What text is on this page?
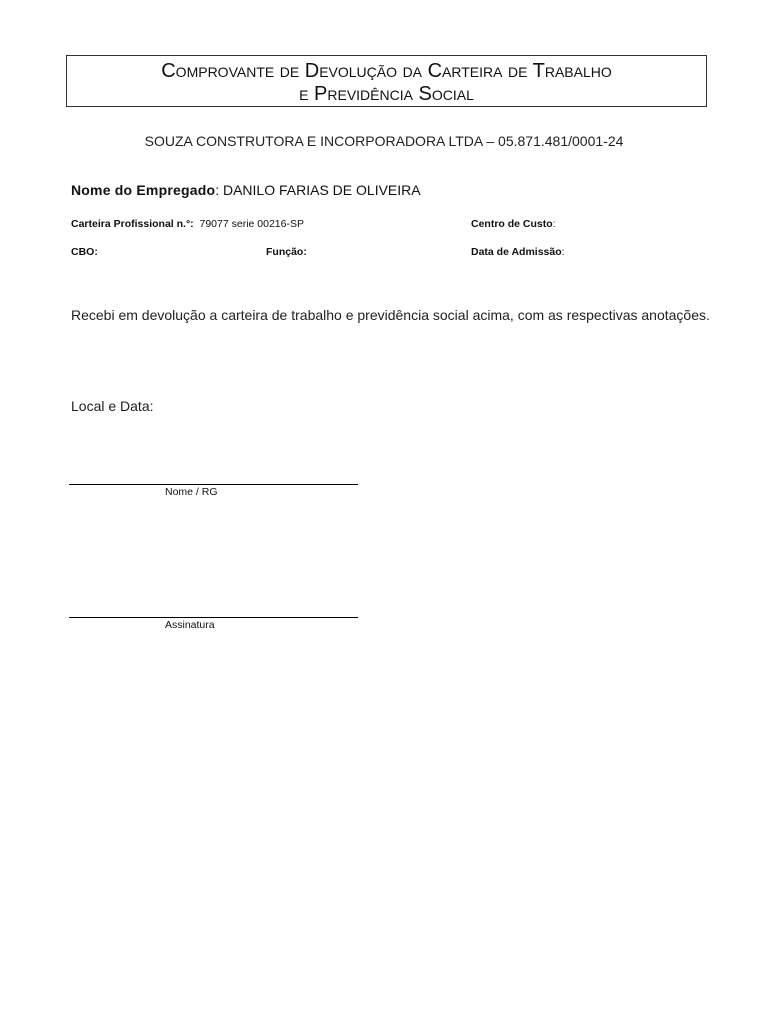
Comprovante de Devolução da Carteira de Trabalho
e Previdência Social
SOUZA CONSTRUTORA E INCORPORADORA LTDA – 05.871.481/0001-24
Nome do Empregado: DANILO FARIAS DE OLIVEIRA
Carteira Profissional n.°: 79077 serie 00216-SP	Centro de Custo:
CBO:	Função:	Data de Admissão:
Recebi em devolução a carteira de trabalho e previdência social acima, com as respectivas anotações.
Local e Data:
Nome / RG
Assinatura
